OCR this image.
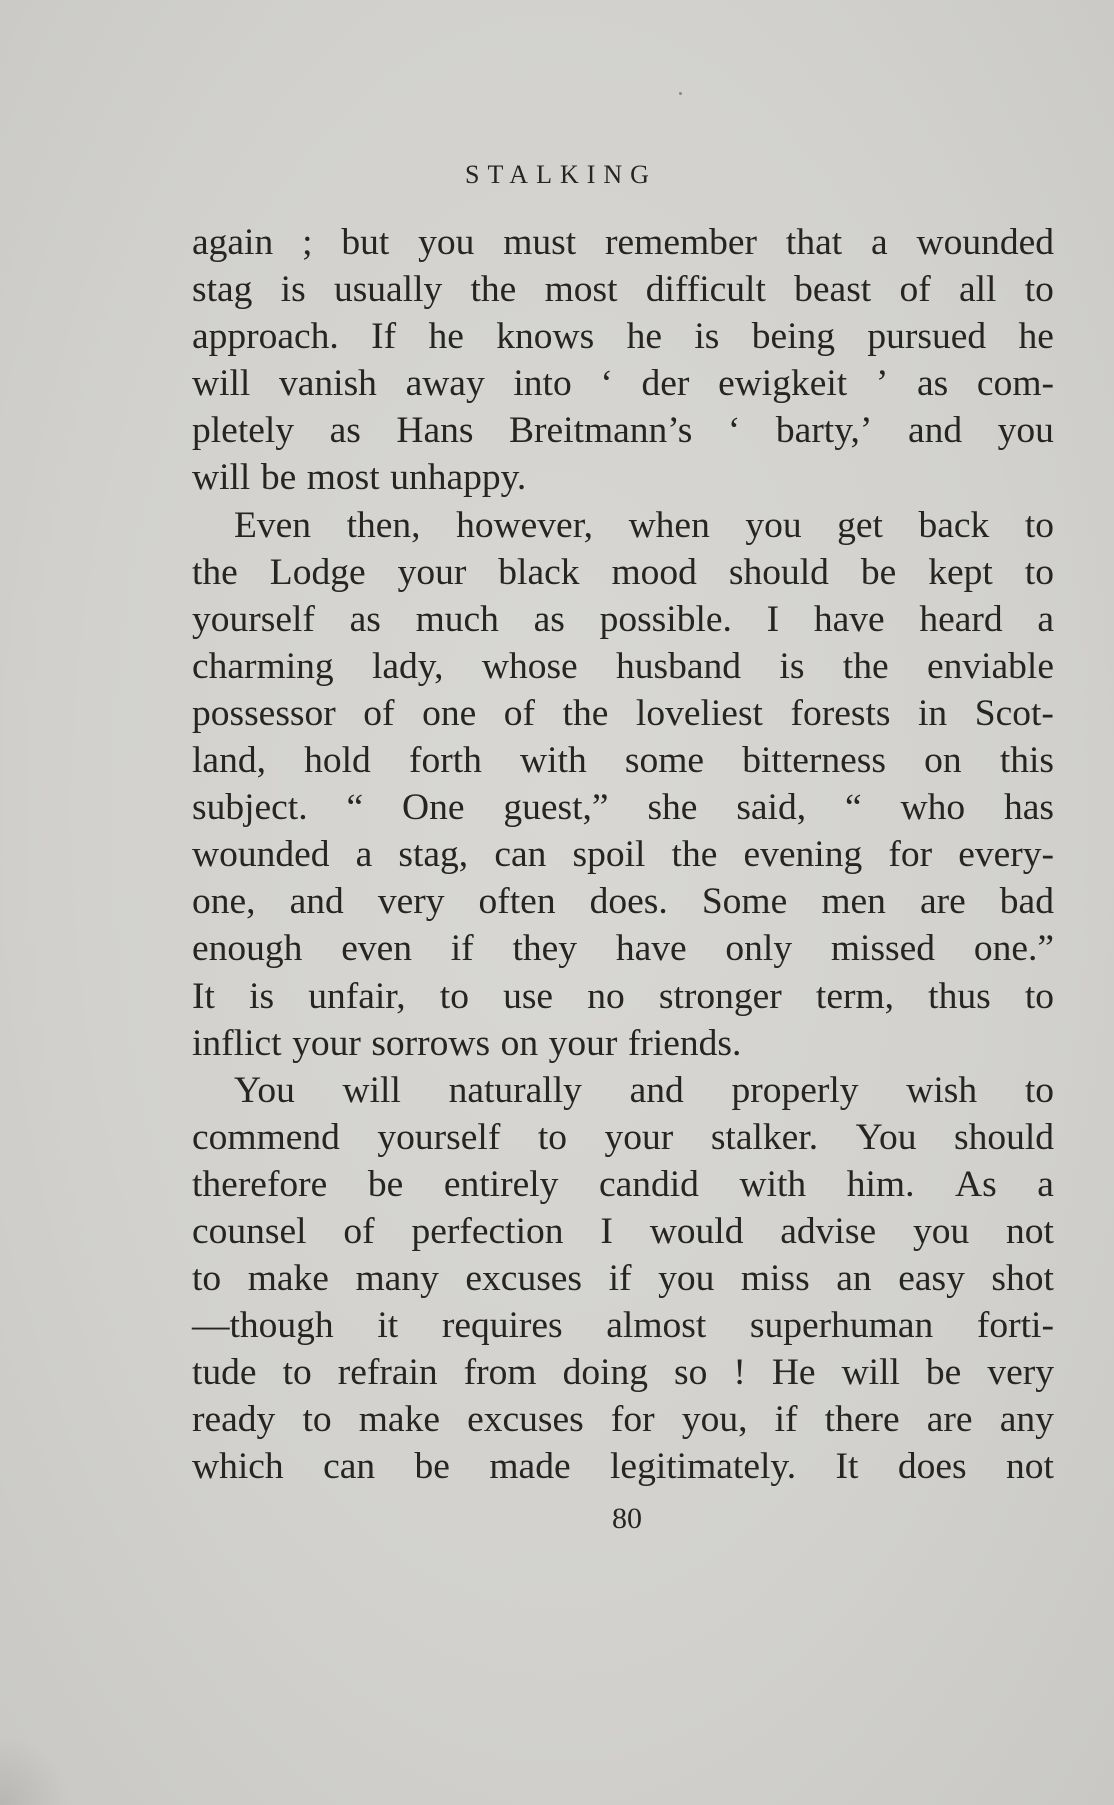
STALKING
again ; but you must remember that a wounded
stag is usually the most difficult beast of all to
approach. If he knows he is being pursued he
will vanish away into ‘ der ewigkeit ’ as com-
pletely as Hans Breitmann’s ‘ barty,’ and you
will be most unhappy.
Even then, however, when you get back to
the Lodge your black mood should be kept to
yourself as much as possible. I have heard a
charming lady, whose husband is the enviable
possessor of one of the loveliest forests in Scot-
land, hold forth with some bitterness on this
subject. “ One guest,” she said, “ who has
wounded a stag, can spoil the evening for every-
one, and very often does. Some men are bad
enough even if they have only missed one.”
It is unfair, to use no stronger term, thus to
inflict your sorrows on your friends.
You will naturally and properly wish to
commend yourself to your stalker. You should
therefore be entirely candid with him. As a
counsel of perfection I would advise you not
to make many excuses if you miss an easy shot
—though it requires almost superhuman forti-
tude to refrain from doing so ! He will be very
ready to make excuses for you, if there are any
which can be made legitimately. It does not
80
